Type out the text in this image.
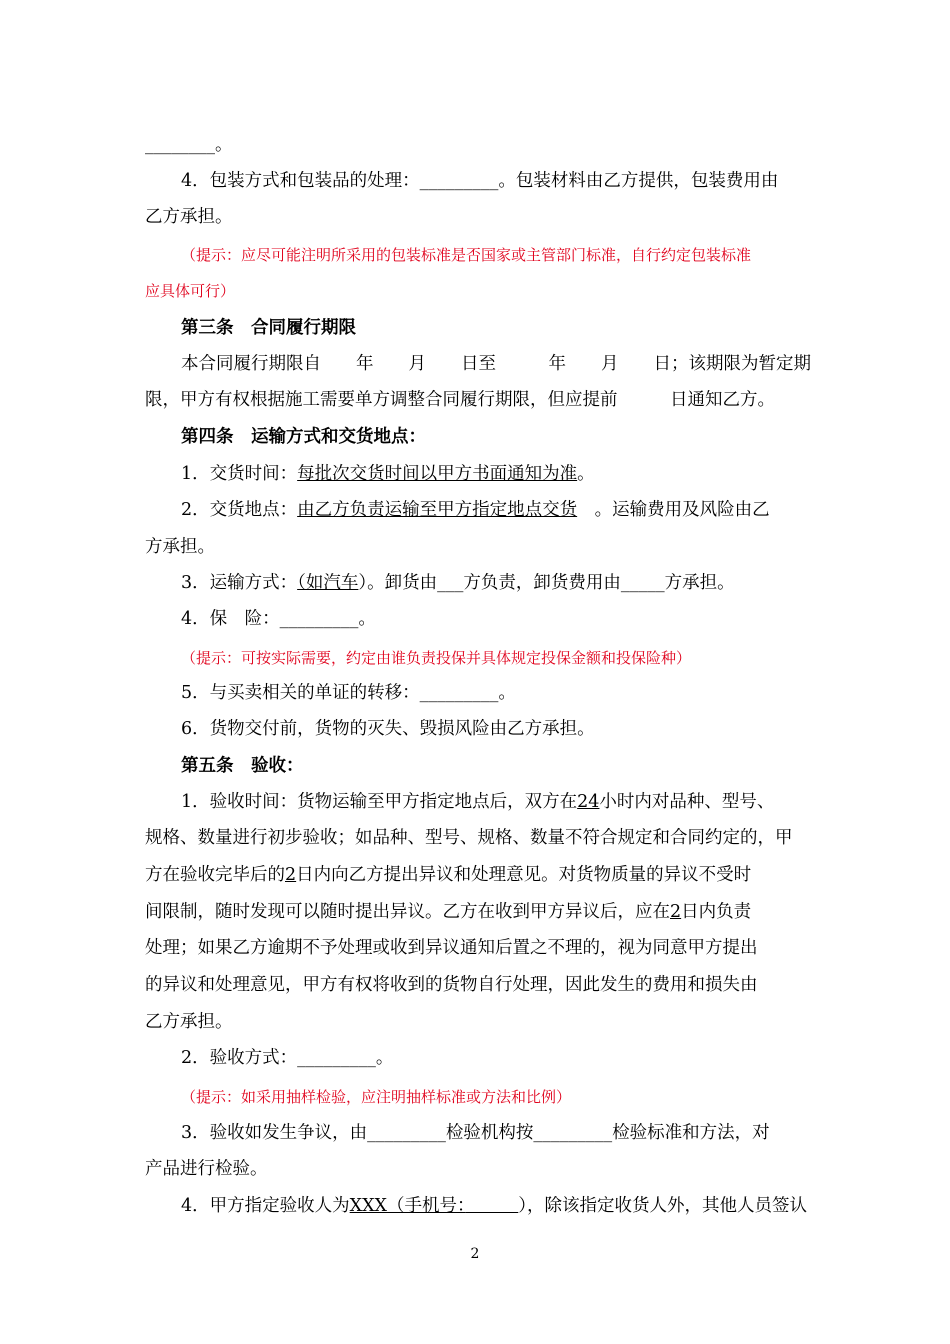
________。
4．包装方式和包装品的处理：_________。包装材料由乙方提供，包装费用由
乙方承担。
（提示：应尽可能注明所采用的包装标准是否国家或主管部门标准，自行约定包装标准
应具体可行）
第三条　合同履行期限
本合同履行期限自　　年　　月　　日至　　　年　　月　　日；该期限为暂定期
限，甲方有权根据施工需要单方调整合同履行期限，但应提前　　　日通知乙方。
第四条　运输方式和交货地点：
1．交货时间：每批次交货时间以甲方书面通知为准。
2．交货地点：由乙方负责运输至甲方指定地点交货　。运输费用及风险由乙
方承担。
3．运输方式：（如汽车）。卸货由___方负责，卸货费用由_____方承担。
4．保　险：_________。
（提示：可按实际需要，约定由谁负责投保并具体规定投保金额和投保险种）
5．与买卖相关的单证的转移：_________。
6．货物交付前，货物的灭失、毁损风险由乙方承担。
第五条　验收：
1．验收时间：货物运输至甲方指定地点后，双方在24小时内对品种、型号、
规格、数量进行初步验收；如品种、型号、规格、数量不符合规定和合同约定的，甲
方在验收完毕后的2日内向乙方提出异议和处理意见。对货物质量的异议不受时
间限制，随时发现可以随时提出异议。乙方在收到甲方异议后，应在2日内负责
处理；如果乙方逾期不予处理或收到异议通知后置之不理的，视为同意甲方提出
的异议和处理意见，甲方有权将收到的货物自行处理，因此发生的费用和损失由
乙方承担。
2．验收方式：_________。
（提示：如采用抽样检验，应注明抽样标准或方法和比例）
3．验收如发生争议，由_________检验机构按_________检验标准和方法，对
产品进行检验。
4．甲方指定验收人为XXX（手机号：　　　	），除该指定收货人外，其他人员签认
2
